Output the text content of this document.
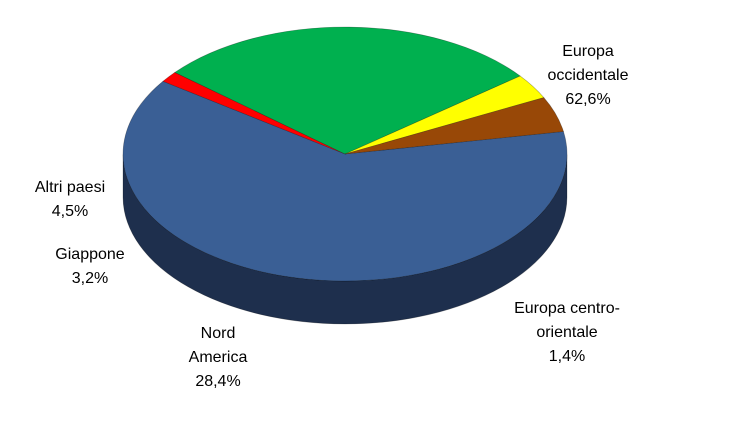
Europa
occidentale
62,6%
Europa centro-
orientale
1,4%
Nord
America
28,4%
Giappone
3,2%
Altri paesi
4,5%
